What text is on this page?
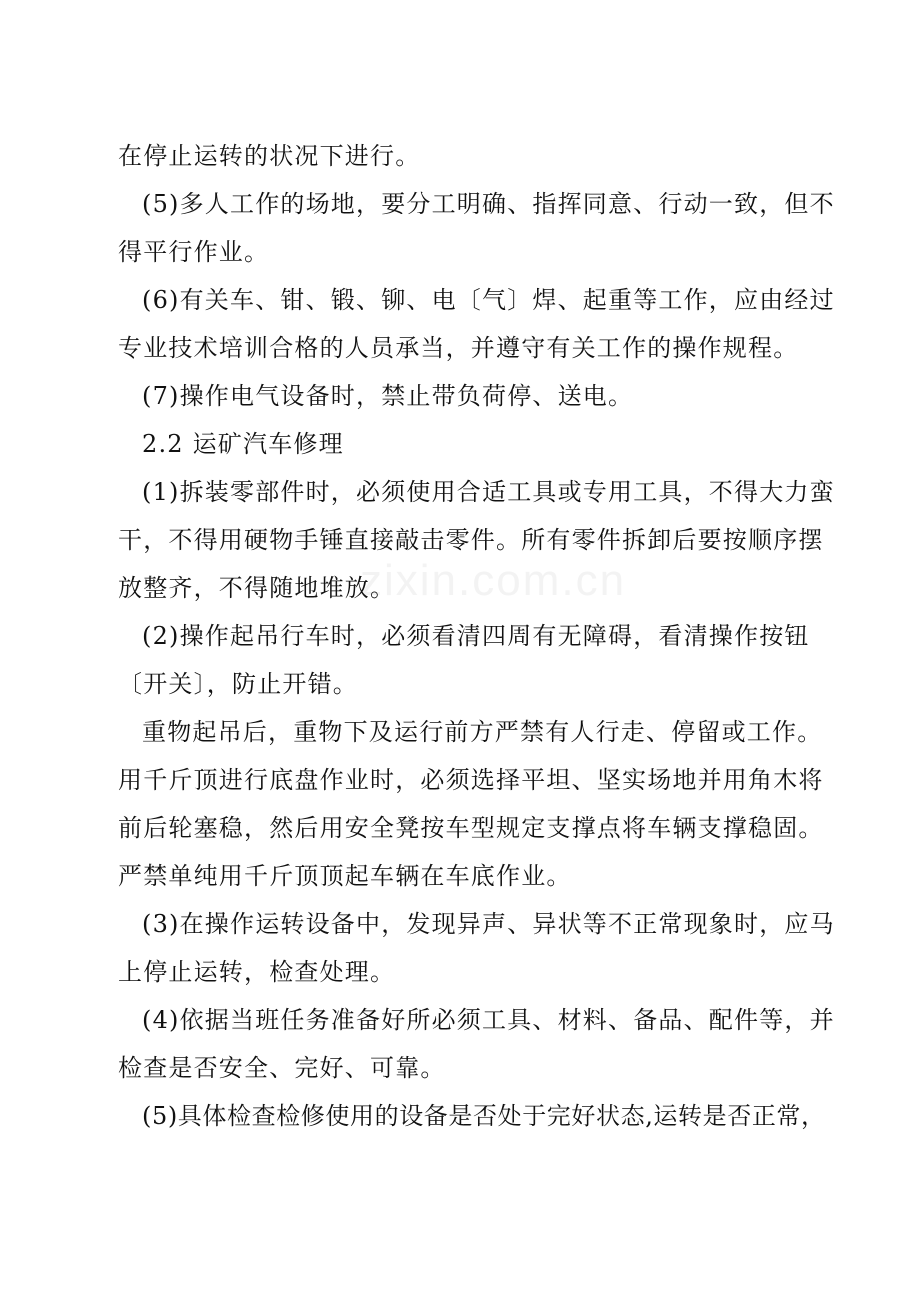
zixin.com.cn
在停止运转的状况下进行。
(5)多人工作的场地，要分工明确、指挥同意、行动一致，但不
得平行作业。
(6)有关车、钳、锻、铆、电〔气〕焊、起重等工作，应由经过
专业技术培训合格的人员承当，并遵守有关工作的操作规程。
(7)操作电气设备时，禁止带负荷停、送电。
2.2 运矿汽车修理
(1)拆装零部件时，必须使用合适工具或专用工具，不得大力蛮
干，不得用硬物手锤直接敲击零件。所有零件拆卸后要按顺序摆
放整齐，不得随地堆放。
(2)操作起吊行车时，必须看清四周有无障碍，看清操作按钮
〔开关〕，防止开错。
重物起吊后，重物下及运行前方严禁有人行走、停留或工作。
用千斤顶进行底盘作业时，必须选择平坦、坚实场地并用角木将
前后轮塞稳，然后用安全凳按车型规定支撑点将车辆支撑稳固。
严禁单纯用千斤顶顶起车辆在车底作业。
(3)在操作运转设备中，发现异声、异状等不正常现象时，应马
上停止运转，检查处理。
(4)依据当班任务准备好所必须工具、材料、备品、配件等，并
检查是否安全、完好、可靠。
(5)具体检查检修使用的设备是否处于完好状态,运转是否正常，
